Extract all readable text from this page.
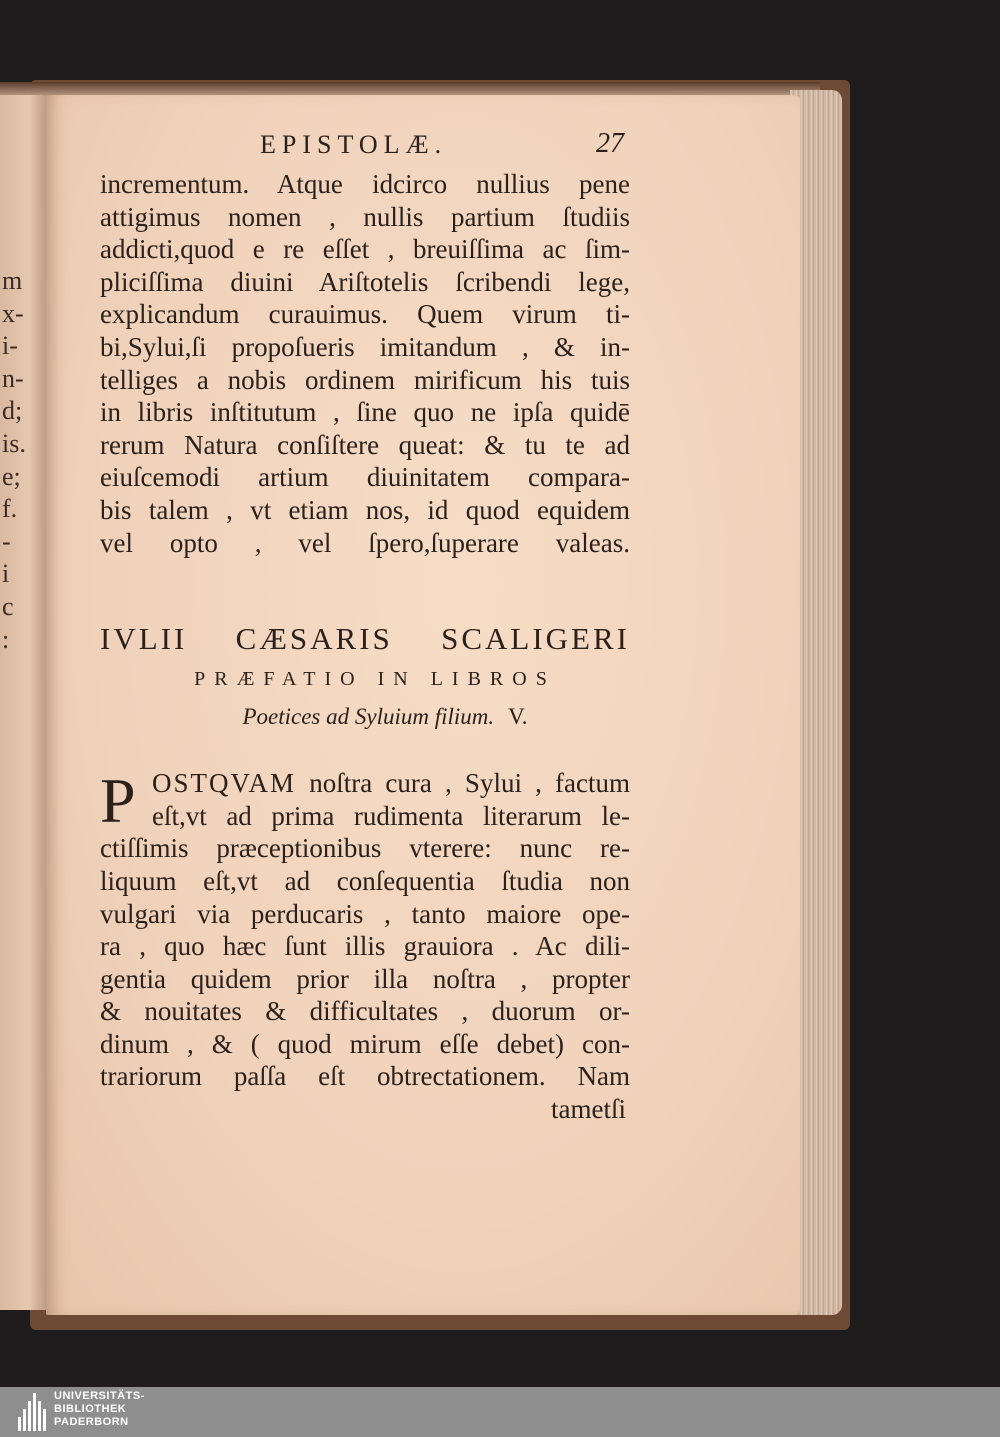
m
x-
i-
n-
d;
is.
e;
f.
-
i
c
:
EPISTOLÆ.	27
incrementum. Atque idcirco nullius pene
attigimus nomen , nullis partium ſtudiis
addicti,quod e re eſſet , breuiſſima ac ſim-
pliciſſima diuini Ariſtotelis ſcribendi lege,
explicandum curauimus. Quem virum ti-
bi,Sylui,ſi propoſueris imitandum , & in-
telliges a nobis ordinem mirificum his tuis
in libris inſtitutum , ſine quo ne ipſa quidē
rerum Natura conſiſtere queat: & tu te ad
eiuſcemodi artium diuinitatem compara-
bis talem , vt etiam nos, id quod equidem
vel opto , vel ſpero,ſuperare valeas.
IVLII CÆSARIS SCALIGERI
PRÆFATIO IN LIBROS
Poetices ad Syluium filium. V.
P OSTQVAM noſtra cura , Sylui , factum
eſt,vt ad prima rudimenta literarum le-
ctiſſimis præceptionibus vterere: nunc re-
liquum eſt,vt ad conſequentia ſtudia non
vulgari via perducaris , tanto maiore ope-
ra , quo hæc ſunt illis grauiora . Ac dili-
gentia quidem prior illa noſtra , propter
& nouitates & difficultates , duorum or-
dinum , & ( quod mirum eſſe debet) con-
trariorum paſſa eſt obtrectationem. Nam
tametſi
UNIVERSITÄTS-
BIBLIOTHEK
PADERBORN
